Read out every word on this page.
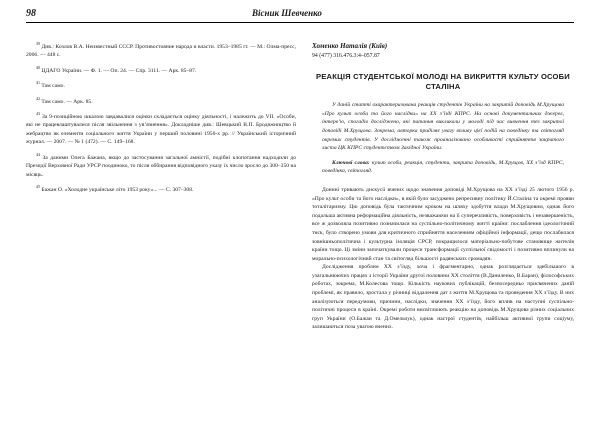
98	Вісник Шевченко

$^{39}$ Див.: Козлов В.А. Неизвестный СССР. Противостояние народа и власти. 1953–1985 гг. — М.: Олма-пресс, 2006. — 448 с.

$^{40}$ ЦДАГО України. — Ф. 1. — Оп. 24. — Спр. 3111. — Арк. 85–87.

$^{41}$ Там само.

$^{42}$ Там само. — Арк. 85.

$^{43}$ За 9-позиційною шкалою завдавалися оцінки складається оцінку діяльності, і належить до VII. «Особи, які не працевлаштувалися після звільнення з ув’язнення». Докладніше див.: Шевцький В.П. Бродяжництво й жебрацтво як елементи соціального життя України у перший половині 1950-х рр. // Український історичний журнал. — 2007. — № 1 (472). — С. 149–168.

$^{44}$ За даними Олега Бажана, якщо до застосування загальної амністії, подібні клопотання надходили до Президії Верховної Ради УРСР поодиноко, то після оббирання відповідного указу їх число зросло до 300–350 на місяць.

$^{45}$ Бажан О. «Холодне українське літо 1953 року»... — С. 307–308.

Хоменко Наталія (Київ)
94 (477) 316.476.3:4–057.87
РЕАКЦІЯ СТУДЕНТСЬКОЇ МОЛОДІ НА ВИКРИТТЯ КУЛЬТУ ОСОБИ СТАЛІНА

У даній статті охарактеризована реакція студентів України на закритій доповідь М.Хрущова «Про культ особи та його наслідки» на ХХ з’їзді КПРС. На основі документальних джерел, інтерв’ю, спогадів досліджено, які питання викликали у молоді під час вивчення тез закритої доповіді М.Хрущова. Зокрема, авторка приділяє увагу впливу цієї подій на поведінку та світогляд окремих студентів. У дослідженні також проаналізовано особливості сприйняття закритого листа ЦК КПРС студентством Західної України.

Ключові слова: культ особи, реакція, студенти, закрита доповідь, М.Хрущов, ХХ з’їзд КПРС, поведінка, світогляд.

Донині тривають дискусії вчених щодо значення доповіді М.Хрущова на ХХ з’їзді 25 лютого 1956 р. «Про культ особи та його наслідки», в якій було засуджено репресивну політику Й.Сталіна та окремі прояви тоталітаризму. Цю доповідь була тактичним кроком на шляху здобуття влади М.Хрущовим, однак його подальша активна реформаційна діяльність, незважаючи на її суперечливість, поверховість і незавершеність, все ж дозволяла позитивно позначилася на суспільно-політичному житті країни: послаблення ідеологічний тиск, було створено умови для критичного сприйняття населенням офіційної інформації, дещо послабилася зовнішньополітична і культурна ізоляція СРСР, покращилося матеріально-побутове становище жителів країни тощо. Ці зміни започаткували процеси трансформації суспільної свідомості і позитивно вплинули на морально-психологічний стан та світогляд більшості радянських громадян.

Дослідження проблем ХХ з’їзду, хоча і фрагментарно, однак розглядається здебільшого в узагальнюючих працях з історії України другої половини ХХ століття (В.Даниленко, В.Баран), філософських роботах, зокрема, М.Колесова тощо. Кількість наукових публікацій, безпосередньо присвячених даній проблемі, як правило, зростала у річниці віддалення дат з життя М.Хрущова та проведення ХХ з’їзду. В них аналізуються передумови, причини, наслідки, значення ХХ з’їзду, його вплив на наступні суспільно-політичні процеси в країні. Окремі роботи висвітлюють реакцію на доповідь М.Хрущова різних соціальних груп України (О.Бажан та Д.Омельчук), однак настрої студентів, найбільш активної групи соціуму, залишаються поза увагою вчених.
